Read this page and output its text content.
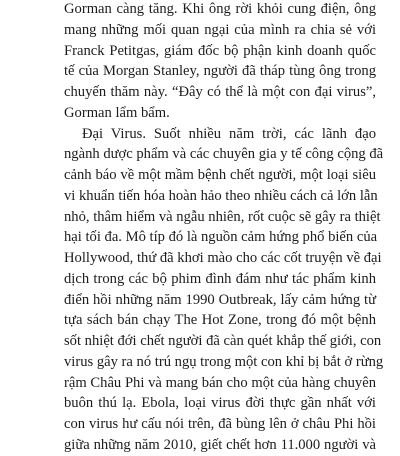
Gorman càng tăng. Khi ông rời khỏi cung điện, ông
mang những mối quan ngại của mình ra chia sẻ với
Franck Petitgas, giám đốc bộ phận kinh doanh quốc
tế của Morgan Stanley, người đã tháp tùng ông trong
chuyến thăm này. “Đây có thể là một con đại virus”,
Gorman lẩm bẩm.
Đại Virus. Suốt nhiều năm trời, các lãnh đạo
ngành dược phẩm và các chuyên gia y tế công cộng đã
cảnh báo về một mầm bệnh chết người, một loại siêu
vi khuẩn tiến hóa hoàn hảo theo nhiều cách cả lớn lẫn
nhỏ, thâm hiểm và ngẫu nhiên, rốt cuộc sẽ gây ra thiệt
hại tối đa. Mô típ đó là nguồn cảm hứng phổ biến của
Hollywood, thứ đã khơi mào cho các cốt truyện về đại
dịch trong các bộ phim đình đám như tác phẩm kinh
điển hồi những năm 1990 Outbreak, lấy cảm hứng từ
tựa sách bán chạy The Hot Zone, trong đó một bệnh
sốt nhiệt đới chết người đã càn quét khắp thế giới, con
virus gây ra nó trú ngụ trong một con khỉ bị bắt ở rừng
rậm Châu Phi và mang bán cho một của hàng chuyên
buôn thú lạ. Ebola, loại virus đời thực gần nhất với
con virus hư cấu nói trên, đã bùng lên ở châu Phi hồi
giữa những năm 2010, giết chết hơn 11.000 người và
